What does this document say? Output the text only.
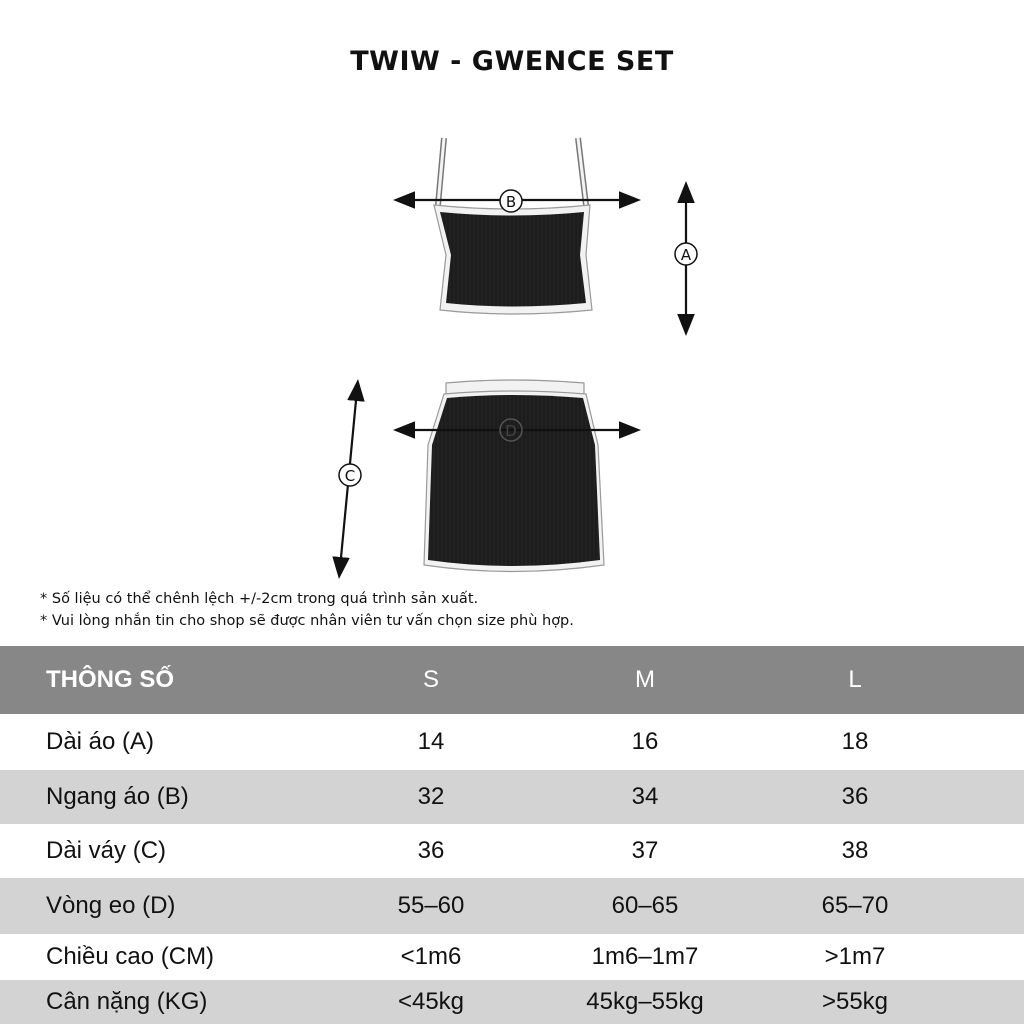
TWIW - GWENCE SET
B
A
D
C
* Số liệu có thể chênh lệch +/-2cm trong quá trình sản xuất.
* Vui lòng nhắn tin cho shop sẽ được nhân viên tư vấn chọn size phù hợp.
THÔNG SỐ	S	M	L
Dài áo (A)	14	16	18
Ngang áo (B)	32	34	36
Dài váy (C)	36	37	38
Vòng eo (D)	55–60	60–65	65–70
Chiều cao (CM)	<1m6	1m6–1m7	>1m7
Cân nặng (KG)	<45kg	45kg–55kg	>55kg
